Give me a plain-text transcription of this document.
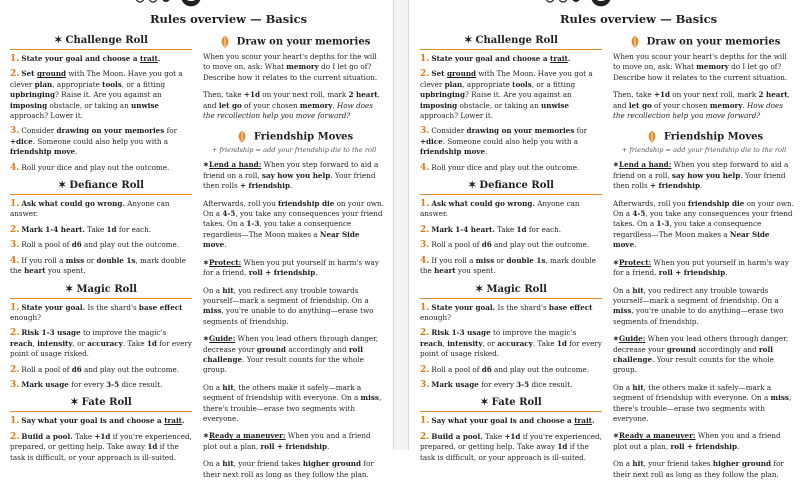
Rules overview — Basics
✶ Challenge Roll

1. State your goal and choose a trait.

2. Set ground with The Moon. Have you got a clever plan, appropriate tools, or a fitting upbringing? Raise it. Are you against an imposing obstacle, or taking an unwise approach? Lower it.

3. Consider drawing on your memories for +dice. Someone could also help you with a friendship move.

4. Roll your dice and play out the outcome.

✶ Defiance Roll

1. Ask what could go wrong. Anyone can answer.

2. Mark 1-4 heart. Take 1d for each.

3. Roll a pool of d6 and play out the outcome.

4. If you roll a miss or double 1s, mark double the heart you spent.

✶ Magic Roll

1. State your goal. Is the shard's base effect enough?

2. Risk 1-3 usage to improve the magic's reach, intensity, or accuracy. Take 1d for every point of usage risked.

2. Roll a pool of d6 and play out the outcome.

3. Mark usage for every 3-5 dice result.

✶ Fate Roll

1. Say what your goal is and choose a trait.

2. Build a pool. Take +1d if you're experienced, prepared, or getting help. Take away 1d if the task is difficult, or your approach is ill-suited.

Draw on your memories

When you scour your heart's depths for the will to move on, ask: What memory do I let go of? Describe how it relates to the current situation.

Then, take +1d on your next roll, mark 2 heart, and let go of your chosen memory. How does the recollection help you move forward?

Friendship Moves
+ friendship = add your friendship die to the roll

✶Lend a hand: When you step forward to aid a friend on a roll, say how you help. Your friend then rolls + friendship.

Afterwards, roll you friendship die on your own. On a 4-5, you take any consequences your friend takes. On a 1-3, you take a consequence regardless—The Moon makes a Near Side move.

✶Protect: When you put yourself in harm's way for a friend, roll + friendship.

On a hit, you redirect any trouble towards yourself—mark a segment of friendship. On a miss, you're unable to do anything—erase two segments of friendship.

✶Guide: When you lead others through danger, decrease your ground accordingly and roll challenge. Your result counts for the whole group.

On a hit, the others make it safely—mark a segment of friendship with everyone. On a miss, there's trouble—erase two segments with everyone.

✶Ready a maneuver: When you and a friend plot out a plan, roll + friendship.

On a hit, your friend takes higher ground for their next roll as long as they follow the plan.

Rules overview — Basics
✶ Challenge Roll

1. State your goal and choose a trait.

2. Set ground with The Moon. Have you got a clever plan, appropriate tools, or a fitting upbringing? Raise it. Are you against an imposing obstacle, or taking an unwise approach? Lower it.

3. Consider drawing on your memories for +dice. Someone could also help you with a friendship move.

4. Roll your dice and play out the outcome.

✶ Defiance Roll

1. Ask what could go wrong. Anyone can answer.

2. Mark 1-4 heart. Take 1d for each.

3. Roll a pool of d6 and play out the outcome.

4. If you roll a miss or double 1s, mark double the heart you spent.

✶ Magic Roll

1. State your goal. Is the shard's base effect enough?

2. Risk 1-3 usage to improve the magic's reach, intensity, or accuracy. Take 1d for every point of usage risked.

2. Roll a pool of d6 and play out the outcome.

3. Mark usage for every 3-5 dice result.

✶ Fate Roll

1. Say what your goal is and choose a trait.

2. Build a pool. Take +1d if you're experienced, prepared, or getting help. Take away 1d if the task is difficult, or your approach is ill-suited.

Draw on your memories

When you scour your heart's depths for the will to move on, ask: What memory do I let go of? Describe how it relates to the current situation.

Then, take +1d on your next roll, mark 2 heart, and let go of your chosen memory. How does the recollection help you move forward?

Friendship Moves
+ friendship = add your friendship die to the roll

✶Lend a hand: When you step forward to aid a friend on a roll, say how you help. Your friend then rolls + friendship.

Afterwards, roll you friendship die on your own. On a 4-5, you take any consequences your friend takes. On a 1-3, you take a consequence regardless—The Moon makes a Near Side move.

✶Protect: When you put yourself in harm's way for a friend, roll + friendship.

On a hit, you redirect any trouble towards yourself—mark a segment of friendship. On a miss, you're unable to do anything—erase two segments of friendship.

✶Guide: When you lead others through danger, decrease your ground accordingly and roll challenge. Your result counts for the whole group.

On a hit, the others make it safely—mark a segment of friendship with everyone. On a miss, there's trouble—erase two segments with everyone.

✶Ready a maneuver: When you and a friend plot out a plan, roll + friendship.

On a hit, your friend takes higher ground for their next roll as long as they follow the plan.
